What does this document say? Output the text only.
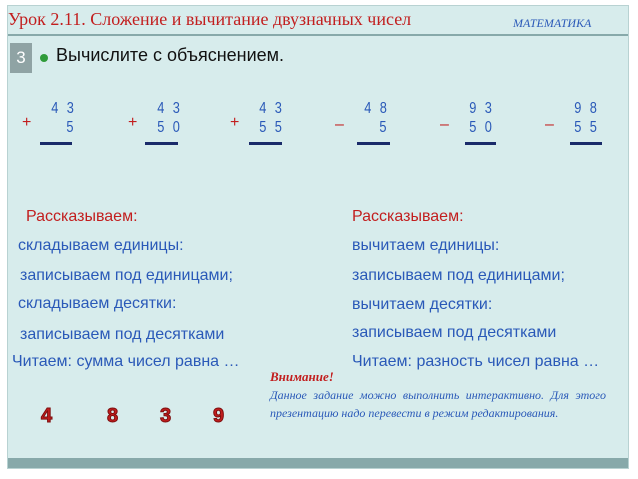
Урок 2.11. Сложение и вычитание двузначных чисел	МАТЕМАТИКА
3	Вычислите с объяснением.
+
4 3
5	+
4 3
5 0	+
4 3
5 5	–
4 8
5	–
9 3
5 0	–
9 8
5 5
Рассказываем:
складываем единицы:
записываем под единицами;
складываем десятки:
записываем под десятками
Читаем: сумма чисел равна …
Рассказываем:
вычитаем единицы:
записываем под единицами;
вычитаем десятки:
записываем под десятками
Читаем: разность чисел равна …
4	8 3 9
Внимание!
Данное задание можно выполнить интерактивно. Для этого презентацию надо перевести в режим редактирования.
